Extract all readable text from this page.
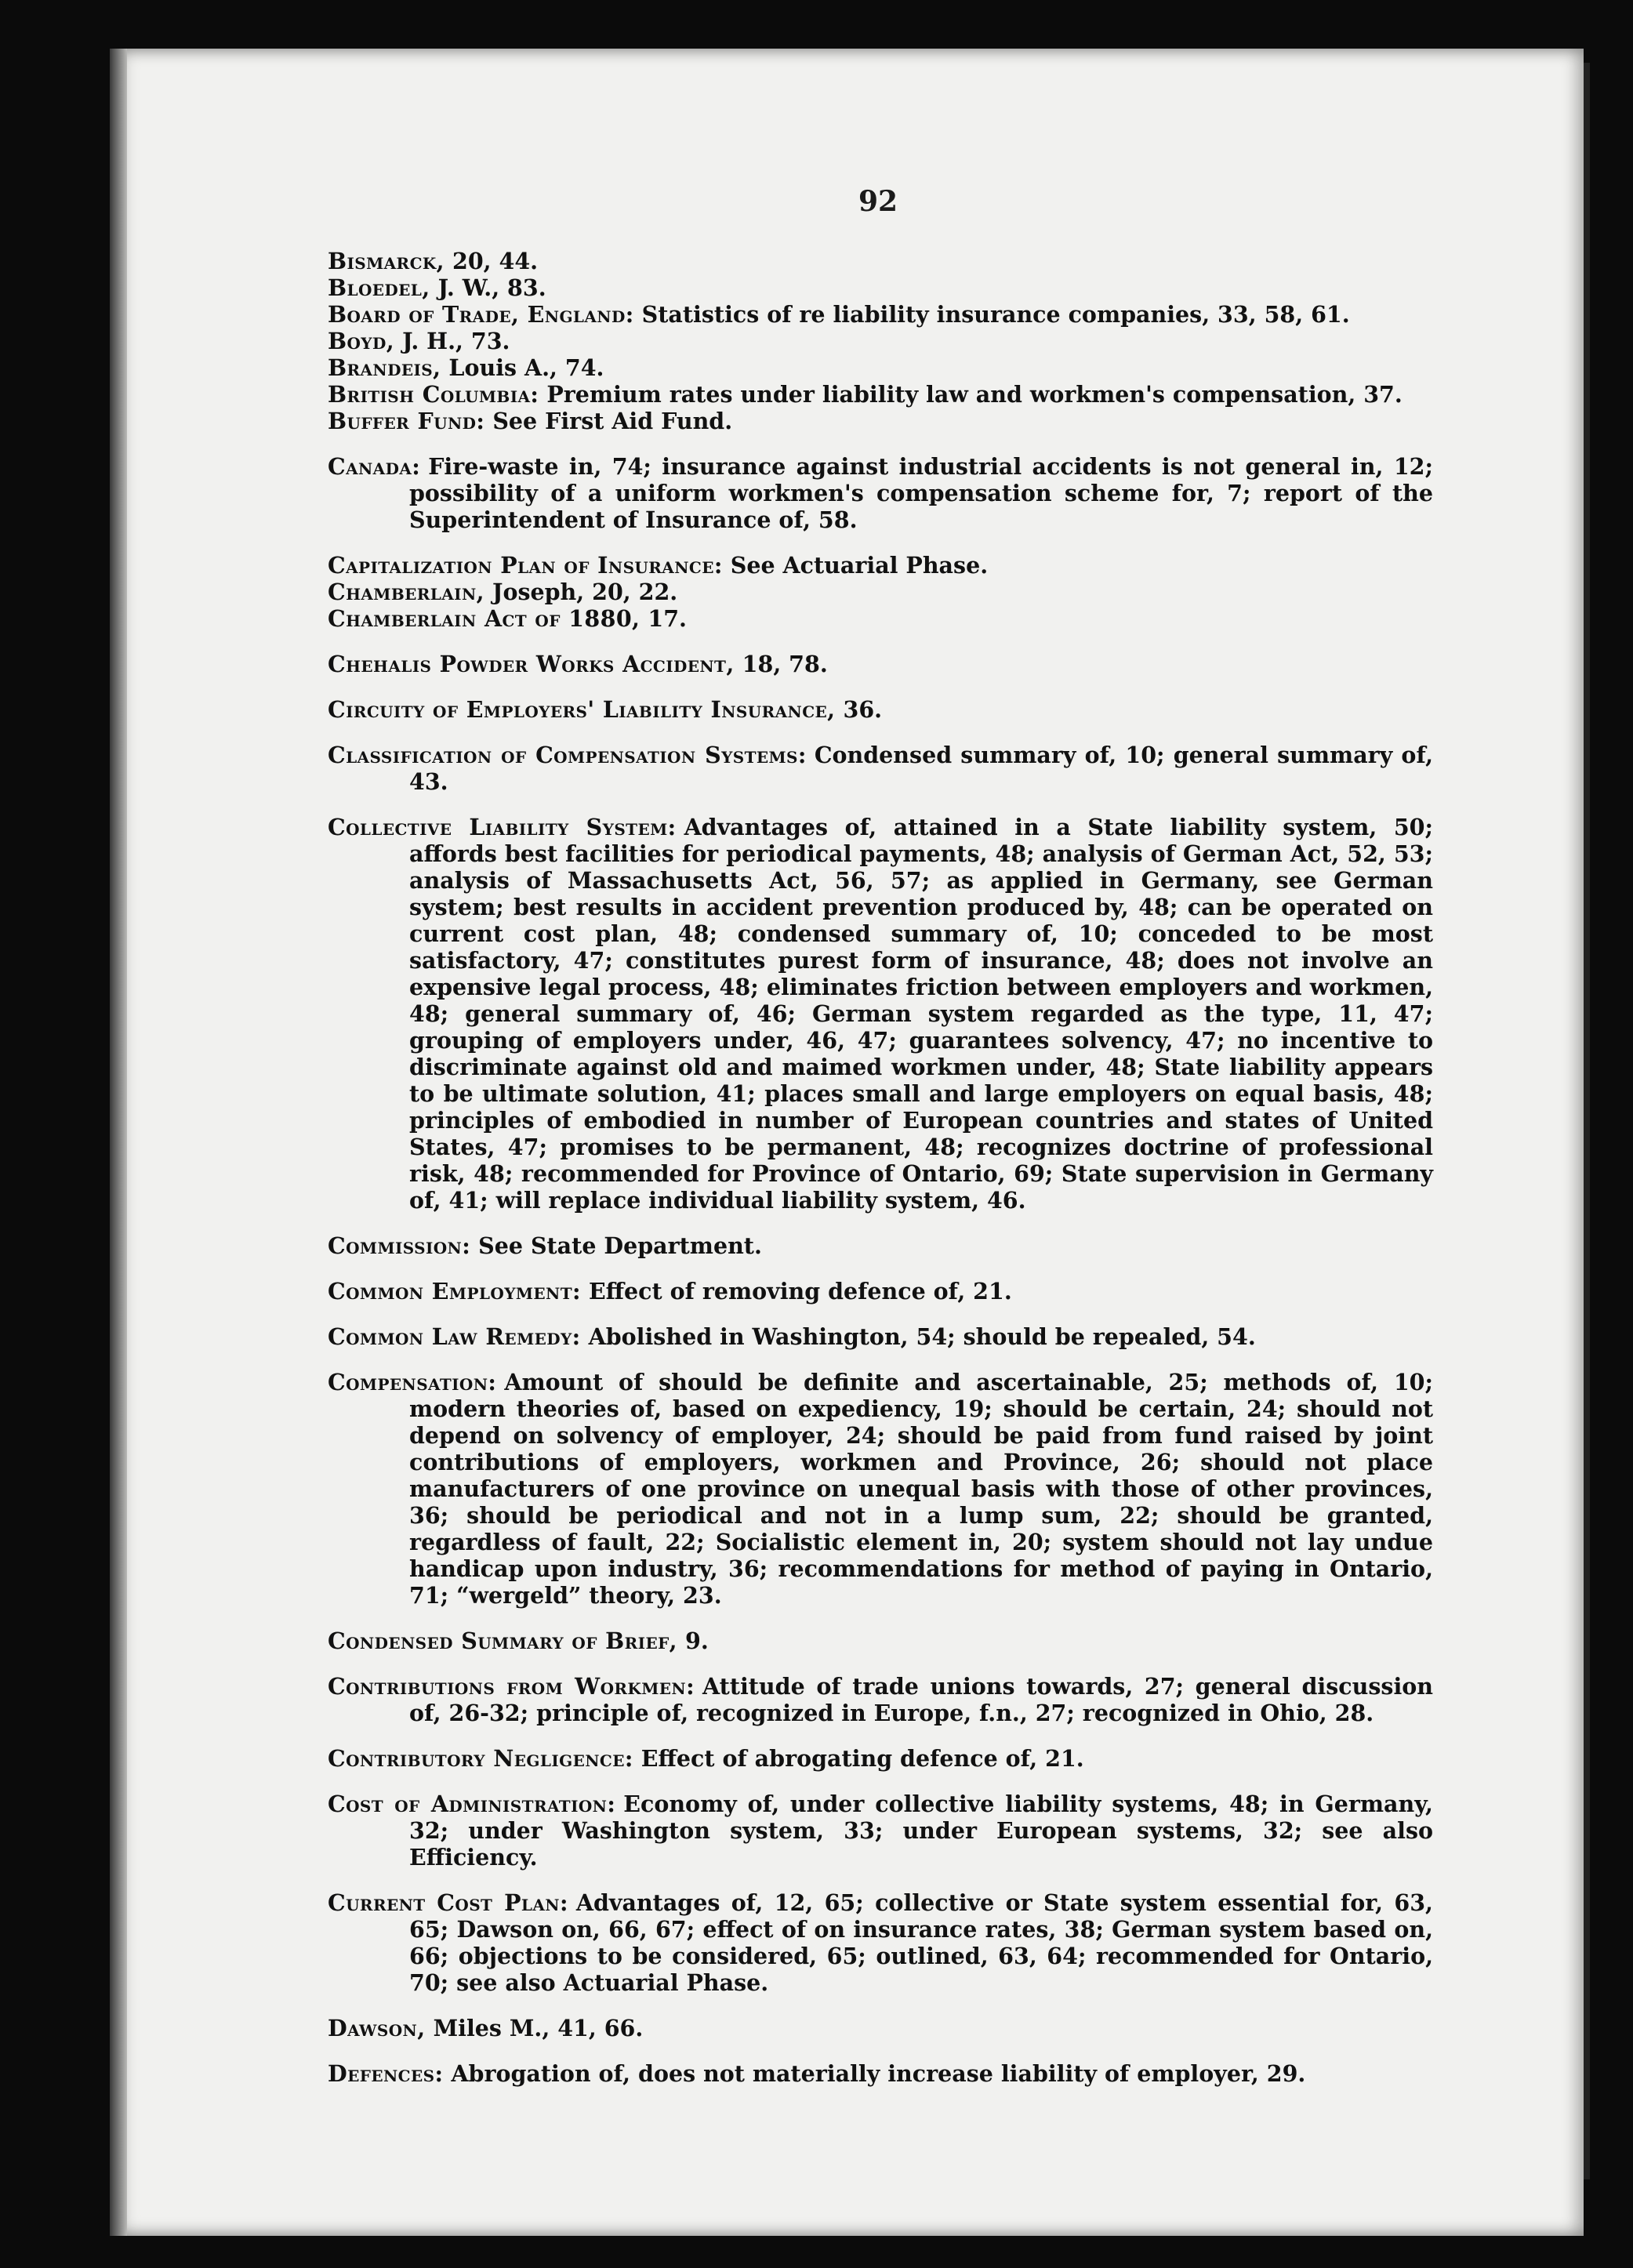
92

Bismarck, 20, 44.

Bloedel, J. W., 83.

Board of Trade, England: Statistics of re liability insurance companies, 33, 58, 61.

Boyd, J. H., 73.

Brandeis, Louis A., 74.

British Columbia: Premium rates under liability law and workmen's compensation, 37.

Buffer Fund: See First Aid Fund.

Canada: Fire-waste in, 74; insurance against industrial accidents is not general in, 12; possibility of a uniform workmen's compensation scheme for, 7; report of the Superintendent of Insurance of, 58.

Capitalization Plan of Insurance: See Actuarial Phase.

Chamberlain, Joseph, 20, 22.

Chamberlain Act of 1880, 17.

Chehalis Powder Works Accident, 18, 78.

Circuity of Employers' Liability Insurance, 36.

Classification of Compensation Systems: Condensed summary of, 10; general summary of, 43.

Collective Liability System: Advantages of, attained in a State liability system, 50; affords best facilities for periodical payments, 48; analysis of German Act, 52, 53; analysis of Massachusetts Act, 56, 57; as applied in Germany, see German system; best results in accident prevention produced by, 48; can be operated on current cost plan, 48; condensed summary of, 10; conceded to be most satisfactory, 47; constitutes purest form of insurance, 48; does not involve an expensive legal process, 48; eliminates friction between employers and workmen, 48; general summary of, 46; German system regarded as the type, 11, 47; grouping of employers under, 46, 47; guarantees solvency, 47; no incentive to discriminate against old and maimed workmen under, 48; State liability appears to be ultimate solution, 41; places small and large employers on equal basis, 48; principles of embodied in number of European countries and states of United States, 47; promises to be permanent, 48; recognizes doctrine of professional risk, 48; recommended for Province of Ontario, 69; State supervision in Germany of, 41; will replace individual liability system, 46.

Commission: See State Department.

Common Employment: Effect of removing defence of, 21.

Common Law Remedy: Abolished in Washington, 54; should be repealed, 54.

Compensation: Amount of should be definite and ascertainable, 25; methods of, 10; modern theories of, based on expediency, 19; should be certain, 24; should not depend on solvency of employer, 24; should be paid from fund raised by joint contributions of employers, workmen and Province, 26; should not place manufacturers of one province on unequal basis with those of other provinces, 36; should be periodical and not in a lump sum, 22; should be granted, regardless of fault, 22; Socialistic element in, 20; system should not lay undue handicap upon industry, 36; recommendations for method of paying in Ontario, 71; “wergeld” theory, 23.

Condensed Summary of Brief, 9.

Contributions from Workmen: Attitude of trade unions towards, 27; general discussion of, 26-32; principle of, recognized in Europe, f.n., 27; recognized in Ohio, 28.

Contributory Negligence: Effect of abrogating defence of, 21.

Cost of Administration: Economy of, under collective liability systems, 48; in Germany, 32; under Washington system, 33; under European systems, 32; see also Efficiency.

Current Cost Plan: Advantages of, 12, 65; collective or State system essential for, 63, 65; Dawson on, 66, 67; effect of on insurance rates, 38; German system based on, 66; objections to be considered, 65; outlined, 63, 64; recommended for Ontario, 70; see also Actuarial Phase.

Dawson, Miles M., 41, 66.

Defences: Abrogation of, does not materially increase liability of employer, 29.
